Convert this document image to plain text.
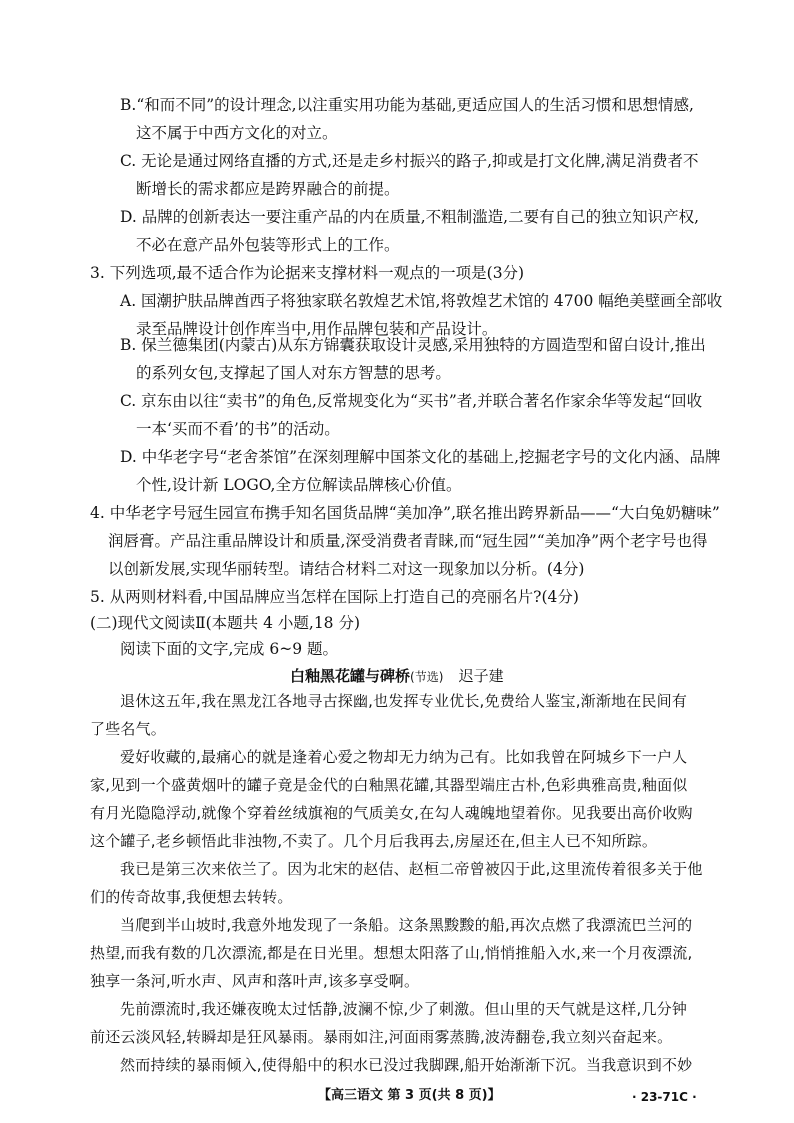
B.“和而不同”的设计理念,以注重实用功能为基础,更适应国人的生活习惯和思想情感,
这不属于中西方文化的对立。
C. 无论是通过网络直播的方式,还是走乡村振兴的路子,抑或是打文化牌,满足消费者不
断增长的需求都应是跨界融合的前提。
D. 品牌的创新表达一要注重产品的内在质量,不粗制滥造,二要有自己的独立知识产权,
不必在意产品外包装等形式上的工作。
3. 下列选项,最不适合作为论据来支撑材料一观点的一项是(3分)
A. 国潮护肤品牌酋西子将独家联名敦煌艺术馆,将敦煌艺术馆的 4700 幅绝美壁画全部收
录至品牌设计创作库当中,用作品牌包装和产品设计。
B. 保兰德集团(内蒙古)从东方锦囊获取设计灵感,采用独特的方圆造型和留白设计,推出
的系列女包,支撑起了国人对东方智慧的思考。
C. 京东由以往“卖书”的角色,反常规变化为“买书”者,并联合著名作家余华等发起“回收
一本‘买而不看’的书”的活动。
D. 中华老字号“老舍茶馆”在深刻理解中国茶文化的基础上,挖掘老字号的文化内涵、品牌
个性,设计新 LOGO,全方位解读品牌核心价值。
4. 中华老字号冠生园宣布携手知名国货品牌“美加净”,联名推出跨界新品——“大白兔奶糖味”
润唇膏。产品注重品牌设计和质量,深受消费者青睐,而“冠生园”“美加净”两个老字号也得
以创新发展,实现华丽转型。请结合材料二对这一现象加以分析。(4分)
5. 从两则材料看,中国品牌应当怎样在国际上打造自己的亮丽名片?(4分)
(二)现代文阅读Ⅱ(本题共 4 小题,18 分)
阅读下面的文字,完成 6~9 题。
白釉黑花罐与碑桥(节选) 迟子建
退休这五年,我在黑龙江各地寻古探幽,也发挥专业优长,免费给人鉴宝,渐渐地在民间有
了些名气。
爱好收藏的,最痛心的就是逢着心爱之物却无力纳为己有。比如我曾在阿城乡下一户人
家,见到一个盛黄烟叶的罐子竟是金代的白釉黑花罐,其器型端庄古朴,色彩典雅高贵,釉面似
有月光隐隐浮动,就像个穿着丝绒旗袍的气质美女,在勾人魂魄地望着你。见我要出高价收购
这个罐子,老乡顿悟此非浊物,不卖了。几个月后我再去,房屋还在,但主人已不知所踪。
我已是第三次来依兰了。因为北宋的赵佶、赵桓二帝曾被囚于此,这里流传着很多关于他
们的传奇故事,我便想去转转。
当爬到半山坡时,我意外地发现了一条船。这条黑黢黢的船,再次点燃了我漂流巴兰河的
热望,而我有数的几次漂流,都是在日光里。想想太阳落了山,悄悄推船入水,来一个月夜漂流,
独享一条河,听水声、风声和落叶声,该多享受啊。
先前漂流时,我还嫌夜晚太过恬静,波澜不惊,少了刺激。但山里的天气就是这样,几分钟
前还云淡风轻,转瞬却是狂风暴雨。暴雨如注,河面雨雾蒸腾,波涛翻卷,我立刻兴奋起来。
然而持续的暴雨倾入,使得船中的积水已没过我脚踝,船开始渐渐下沉。当我意识到不妙
【高三语文 第 3 页(共 8 页)】	· 23-71C ·
